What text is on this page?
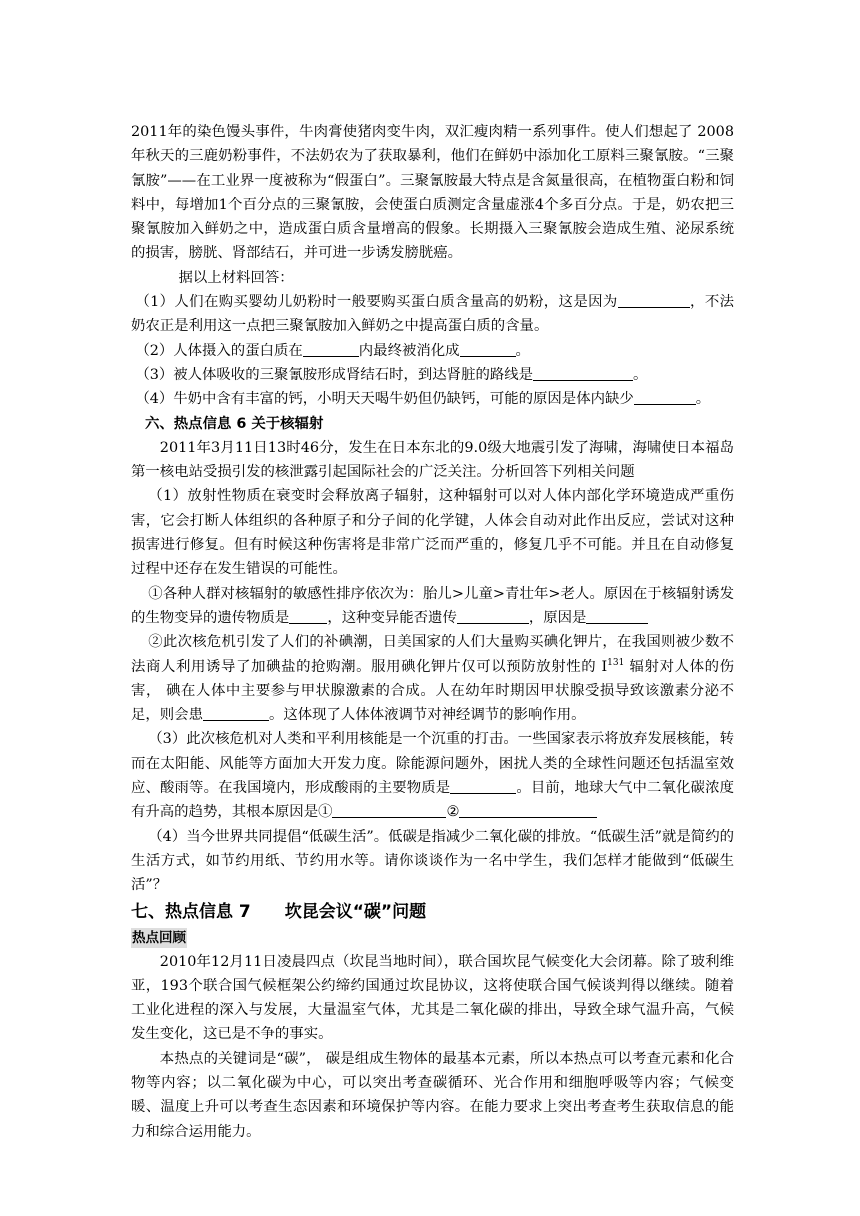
2011年的染色馒头事件，牛肉膏使猪肉变牛肉，双汇瘦肉精一系列事件。使人们想起了 2008年秋天的三鹿奶粉事件，不法奶农为了获取暴利，他们在鲜奶中添加化工原料三聚氰胺。“三聚氰胺”——在工业界一度被称为“假蛋白”。三聚氰胺最大特点是含氮量很高，在植物蛋白粉和饲料中，每增加1个百分点的三聚氰胺，会使蛋白质测定含量虚涨4个多百分点。于是，奶农把三聚氰胺加入鲜奶之中，造成蛋白质含量增高的假象。长期摄入三聚氰胺会造成生殖、泌尿系统的损害，膀胱、肾部结石，并可进一步诱发膀胱癌。

据以上材料回答：

（1）人们在购买婴幼儿奶粉时一般要购买蛋白质含量高的奶粉，这是因为	，不法奶农正是利用这一点把三聚氰胺加入鲜奶之中提高蛋白质的含量。

（2）人体摄入的蛋白质在	内最终被消化成	。

（3）被人体吸收的三聚氰胺形成肾结石时，到达肾脏的路线是	。

（4）牛奶中含有丰富的钙，小明天天喝牛奶但仍缺钙，可能的原因是体内缺少	。

六、热点信息 6 关于核辐射

2011年3月11日13时46分，发生在日本东北的9.0级大地震引发了海啸，海啸使日本福岛第一核电站受损引发的核泄露引起国际社会的广泛关注。分析回答下列相关问题

（1）放射性物质在衰变时会释放离子辐射，这种辐射可以对人体内部化学环境造成严重伤害，它会打断人体组织的各种原子和分子间的化学键，人体会自动对此作出反应，尝试对这种损害进行修复。但有时候这种伤害将是非常广泛而严重的，修复几乎不可能。并且在自动修复过程中还存在发生错误的可能性。

①各种人群对核辐射的敏感性排序依次为：胎儿>儿童>青壮年>老人。原因在于核辐射诱发的生物变异的遗传物质是	，这种变异能否遗传	，原因是

②此次核危机引发了人们的补碘潮，日美国家的人们大量购买碘化钾片，在我国则被少数不法商人利用诱导了加碘盐的抢购潮。服用碘化钾片仅可以预防放射性的 $I^{131}$ 辐射对人体的伤害， 碘在人体中主要参与甲状腺激素的合成。人在幼年时期因甲状腺受损导致该激素分泌不足，则会患	。这体现了人体体液调节对神经调节的影响作用。

（3）此次核危机对人类和平利用核能是一个沉重的打击。一些国家表示将放弃发展核能，转而在太阳能、风能等方面加大开发力度。除能源问题外，困扰人类的全球性问题还包括温室效应、酸雨等。在我国境内，形成酸雨的主要物质是	。目前，地球大气中二氧化碳浓度有升高的趋势，其根本原因是①	②

（4）当今世界共同提倡“低碳生活”。低碳是指减少二氧化碳的排放。“低碳生活”就是简约的生活方式，如节约用纸、节约用水等。请你谈谈作为一名中学生，我们怎样才能做到“低碳生活”？

七、热点信息 7　　坎昆会议“碳”问题

热点回顾

2010年12月11日凌晨四点（坎昆当地时间），联合国坎昆气候变化大会闭幕。除了玻利维亚，193个联合国气候框架公约缔约国通过坎昆协议，这将使联合国气候谈判得以继续。随着工业化进程的深入与发展，大量温室气体，尤其是二氧化碳的排出，导致全球气温升高，气候发生变化，这已是不争的事实。

本热点的关键词是“碳”， 碳是组成生物体的最基本元素，所以本热点可以考查元素和化合物等内容；以二氧化碳为中心，可以突出考查碳循环、光合作用和细胞呼吸等内容；气候变暖、温度上升可以考查生态因素和环境保护等内容。在能力要求上突出考查考生获取信息的能力和综合运用能力。
